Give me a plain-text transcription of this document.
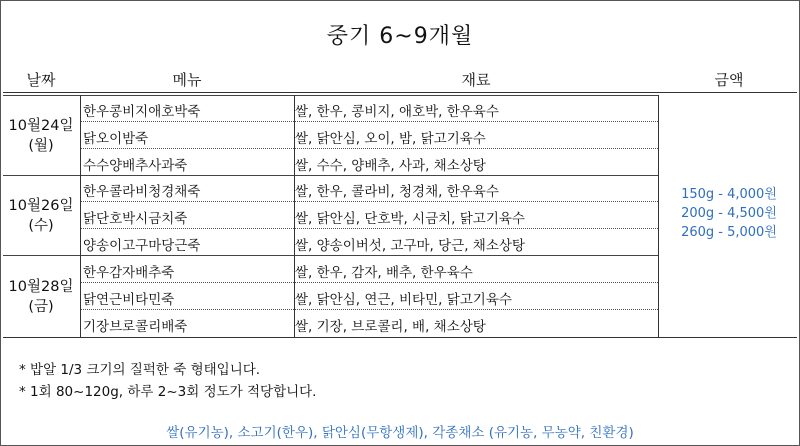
중기 6~9개월
날짜	메뉴	재료	금액
10월24일
(월)
한우콩비지애호박죽	쌀, 한우, 콩비지, 애호박, 한우육수
닭오이밤죽	쌀, 닭안심, 오이, 밤, 닭고기육수
수수양배추사과죽	쌀, 수수, 양배추, 사과, 채소상탕
10월26일
(수)
한우콜라비청경채죽	쌀, 한우, 콜라비, 청경채, 한우육수
닭단호박시금치죽	쌀, 닭안심, 단호박, 시금치, 닭고기육수
양송이고구마당근죽	쌀, 양송이버섯, 고구마, 당근, 채소상탕
10월28일
(금)
한우감자배추죽	쌀, 한우, 감자, 배추, 한우육수
닭연근비타민죽	쌀, 닭안심, 연근, 비타민, 닭고기육수
기장브로콜리배죽	쌀, 기장, 브로콜리, 배, 채소상탕
150g - 4,000원
200g - 4,500원
260g - 5,000원
* 밥알 1/3 크기의 질퍽한 죽 형태입니다.
* 1회 80~120g, 하루 2~3회 정도가 적당합니다.
쌀(유기농), 소고기(한우), 닭안심(무항생제), 각종채소 (유기농, 무농약, 친환경)
